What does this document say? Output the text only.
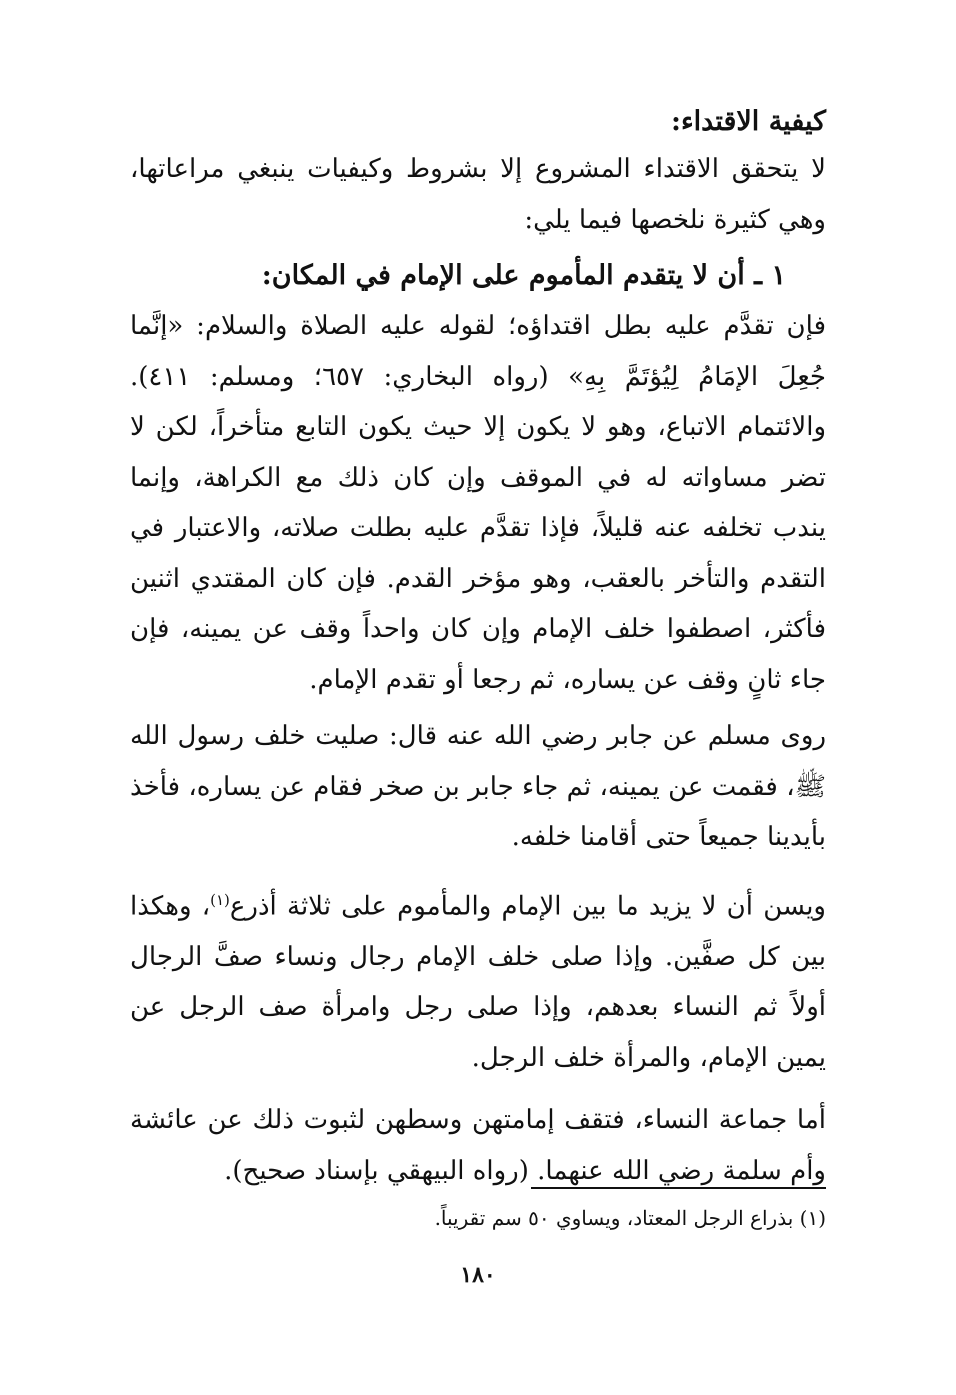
كيفية الاقتداء:

لا يتحقق الاقتداء المشروع إلا بشروط وكيفيات ينبغي مراعاتها، وهي كثيرة نلخصها فيما يلي:

١ ـ أن لا يتقدم المأموم على الإمام في المكان:

فإن تقدَّم عليه بطل اقتداؤه؛ لقوله عليه الصلاة والسلام: «إنَّما جُعِلَ الإمَامُ لِيُؤتَمَّ بِهِ» (رواه البخاري: ٦٥٧؛ ومسلم: ٤١١). والائتمام الاتباع، وهو لا يكون إلا حيث يكون التابع متأخراً، لكن لا تضر مساواته له في الموقف وإن كان ذلك مع الكراهة، وإنما يندب تخلفه عنه قليلاً، فإذا تقدَّم عليه بطلت صلاته، والاعتبار في التقدم والتأخر بالعقب، وهو مؤخر القدم. فإن كان المقتدي اثنين فأكثر، اصطفوا خلف الإمام وإن كان واحداً وقف عن يمينه، فإن جاء ثانٍ وقف عن يساره، ثم رجعا أو تقدم الإمام.

روى مسلم عن جابر رضي الله عنه قال: صليت خلف رسول الله ﷺ، فقمت عن يمينه، ثم جاء جابر بن صخر فقام عن يساره، فأخذ بأيدينا جميعاً حتى أقامنا خلفه.

ويسن أن لا يزيد ما بين الإمام والمأموم على ثلاثة أذرع$^{(١)}$، وهكذا بين كل صفَّين. وإذا صلى خلف الإمام رجال ونساء صفَّ الرجال أولاً ثم النساء بعدهم، وإذا صلى رجل وامرأة صف الرجل عن يمين الإمام، والمرأة خلف الرجل.

أما جماعة النساء، فتقف إمامتهن وسطهن لثبوت ذلك عن عائشة وأم سلمة رضي الله عنهما. (رواه البيهقي بإسناد صحيح).

(١) بذراع الرجل المعتاد، ويساوي ٥٠ سم تقريباً.
١٨٠
